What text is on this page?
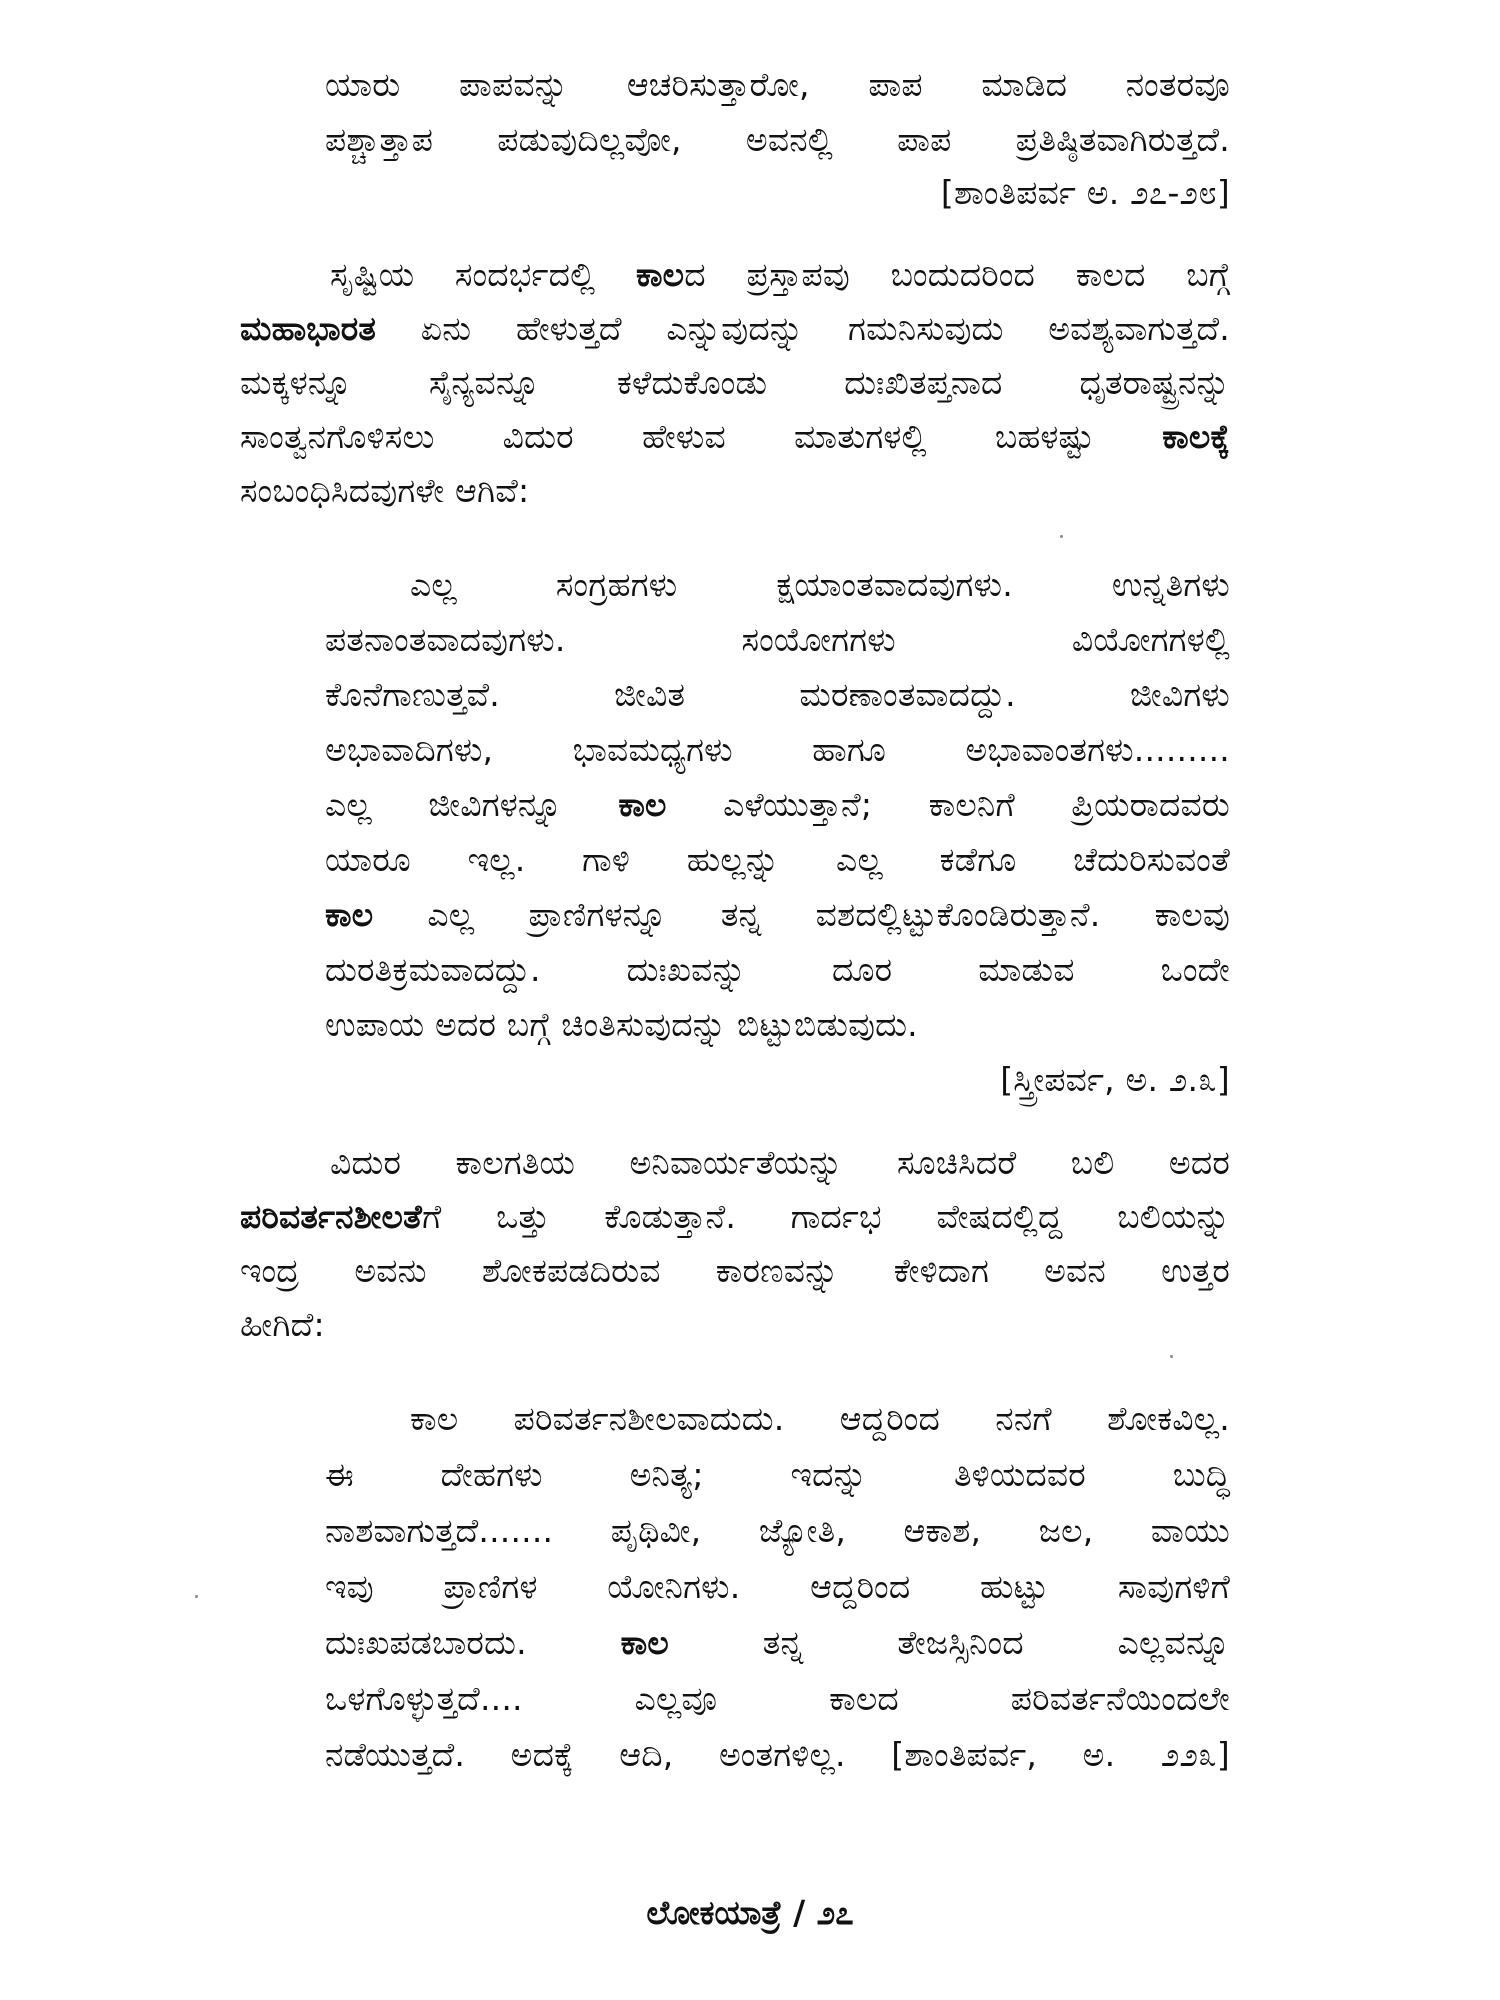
ಯಾರು ಪಾಪವನ್ನು ಆಚರಿಸುತ್ತಾರೋ, ಪಾಪ ಮಾಡಿದ ನಂತರವೂ
ಪಶ್ಚಾತ್ತಾಪ ಪಡುವುದಿಲ್ಲವೋ, ಅವನಲ್ಲಿ ಪಾಪ ಪ್ರತಿಷ್ಠಿತವಾಗಿರುತ್ತದೆ.
[ಶಾಂತಿಪರ್ವ ಅ. ೨೭-೨೮]
ಸೃಷ್ಟಿಯ ಸಂದರ್ಭದಲ್ಲಿ ಕಾಲದ ಪ್ರಸ್ತಾಪವು ಬಂದುದರಿಂದ ಕಾಲದ ಬಗ್ಗೆ
ಮಹಾಭಾರತ ಏನು ಹೇಳುತ್ತದೆ ಎನ್ನುವುದನ್ನು ಗಮನಿಸುವುದು ಅವಶ್ಯವಾಗುತ್ತದೆ.
ಮಕ್ಕಳನ್ನೂ ಸೈನ್ಯವನ್ನೂ ಕಳೆದುಕೊಂಡು ದುಃಖಿತಪ್ತನಾದ ಧೃತರಾಷ್ಟ್ರನನ್ನು
ಸಾಂತ್ವನಗೊಳಿಸಲು ವಿದುರ ಹೇಳುವ ಮಾತುಗಳಲ್ಲಿ ಬಹಳಷ್ಟು ಕಾಲಕ್ಕೆ
ಸಂಬಂಧಿಸಿದವುಗಳೇ ಆಗಿವೆ:
ಎಲ್ಲ ಸಂಗ್ರಹಗಳು ಕ್ಷಯಾಂತವಾದವುಗಳು. ಉನ್ನತಿಗಳು
ಪತನಾಂತವಾದವುಗಳು. ಸಂಯೋಗಗಳು ವಿಯೋಗಗಳಲ್ಲಿ
ಕೊನೆಗಾಣುತ್ತವೆ. ಜೀವಿತ ಮರಣಾಂತವಾದದ್ದು. ಜೀವಿಗಳು
ಅಭಾವಾದಿಗಳು, ಭಾವಮಧ್ಯಗಳು ಹಾಗೂ ಅಭಾವಾಂತಗಳು.........
ಎಲ್ಲ ಜೀವಿಗಳನ್ನೂ ಕಾಲ ಎಳೆಯುತ್ತಾನೆ; ಕಾಲನಿಗೆ ಪ್ರಿಯರಾದವರು
ಯಾರೂ ಇಲ್ಲ. ಗಾಳಿ ಹುಲ್ಲನ್ನು ಎಲ್ಲ ಕಡೆಗೂ ಚೆದುರಿಸುವಂತೆ
ಕಾಲ ಎಲ್ಲ ಪ್ರಾಣಿಗಳನ್ನೂ ತನ್ನ ವಶದಲ್ಲಿಟ್ಟುಕೊಂಡಿರುತ್ತಾನೆ. ಕಾಲವು
ದುರತಿಕ್ರಮವಾದದ್ದು. ದುಃಖವನ್ನು ದೂರ ಮಾಡುವ ಒಂದೇ
ಉಪಾಯ ಅದರ ಬಗ್ಗೆ ಚಿಂತಿಸುವುದನ್ನು ಬಿಟ್ಟುಬಿಡುವುದು.
[ಸ್ತ್ರೀಪರ್ವ, ಅ. ೨.೩]
ವಿದುರ ಕಾಲಗತಿಯ ಅನಿವಾರ್ಯತೆಯನ್ನು ಸೂಚಿಸಿದರೆ ಬಲಿ ಅದರ
ಪರಿವರ್ತನಶೀಲತೆಗೆ ಒತ್ತು ಕೊಡುತ್ತಾನೆ. ಗಾರ್ದಭ ವೇಷದಲ್ಲಿದ್ದ ಬಲಿಯನ್ನು
ಇಂದ್ರ ಅವನು ಶೋಕಪಡದಿರುವ ಕಾರಣವನ್ನು ಕೇಳಿದಾಗ ಅವನ ಉತ್ತರ
ಹೀಗಿದೆ:
ಕಾಲ ಪರಿವರ್ತನಶೀಲವಾದುದು. ಆದ್ದರಿಂದ ನನಗೆ ಶೋಕವಿಲ್ಲ.
ಈ ದೇಹಗಳು ಅನಿತ್ಯ; ಇದನ್ನು ತಿಳಿಯದವರ ಬುದ್ಧಿ
ನಾಶವಾಗುತ್ತದೆ....... ಪೃಥಿವೀ, ಜ್ಯೋತಿ, ಆಕಾಶ, ಜಲ, ವಾಯು
ಇವು ಪ್ರಾಣಿಗಳ ಯೋನಿಗಳು. ಆದ್ದರಿಂದ ಹುಟ್ಟು ಸಾವುಗಳಿಗೆ
ದುಃಖಪಡಬಾರದು. ಕಾಲ ತನ್ನ ತೇಜಸ್ಸಿನಿಂದ ಎಲ್ಲವನ್ನೂ
ಒಳಗೊಳ್ಳುತ್ತದೆ.... ಎಲ್ಲವೂ ಕಾಲದ ಪರಿವರ್ತನೆಯಿಂದಲೇ
ನಡೆಯುತ್ತದೆ. ಅದಕ್ಕೆ ಆದಿ, ಅಂತಗಳಿಲ್ಲ. [ಶಾಂತಿಪರ್ವ, ಅ. ೨೨೩]
ಲೋಕಯಾತ್ರೆ / ೨೭
